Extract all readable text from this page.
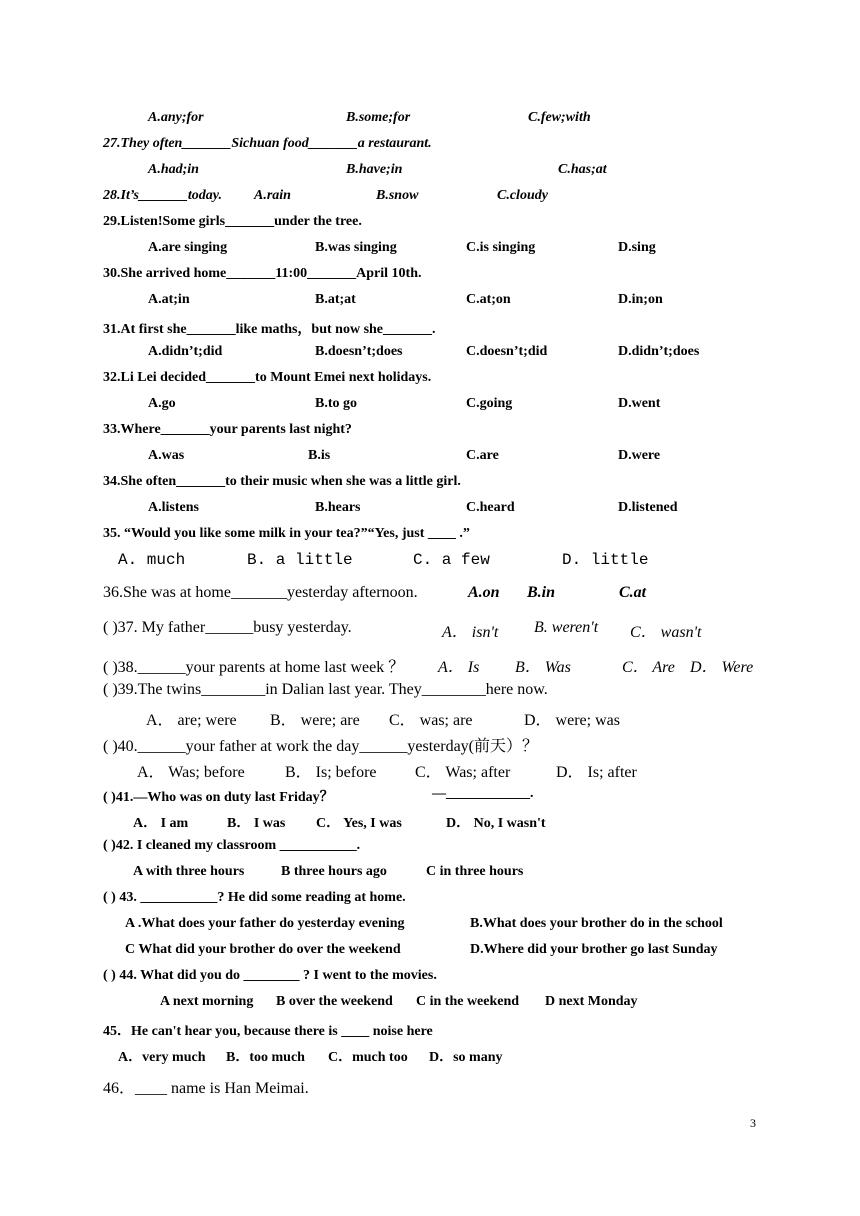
A.any;for	B.some;for	C.few;with
27.They often_______Sichuan food_______a restaurant.
A.had;in	B.have;in	C.has;at
28.It’s_______today. A.rain	B.snow	C.cloudy
29.Listen!Some girls_______under the tree.
A.are singing	B.was singing	C.is singing	D.sing
30.She arrived home_______11:00_______April 10th.
A.at;in	B.at;at	C.at;on	D.in;on
31.At first she_______like maths，but now she_______.
A.didn’t;did	B.doesn’t;does	C.doesn’t;did	D.didn’t;does
32.Li Lei decided_______to Mount Emei next holidays.
A.go	B.to go	C.going	D.went
33.Where_______your parents last night?
A.was	B.is	C.are	D.were
34.She often_______to their music when she was a little girl.
A.listens	B.hears	C.heard	D.listened
35. “Would you like some milk in your tea?”“Yes, just ____ .”
A. much	B. a little	C. a few	D. little
36.She was at home_______yesterday afternoon.	A.on B.in	C.at
( )37. My father______busy yesterday.	A． isn't B. weren't C． wasn't
( )38.______your parents at home last week ？ A． Is B． Was	C． Are D． Were
( )39.The twins________in Dalian last year. They________here now.
A． are; were B． were; are C． was; are	D． were; was
( )40.______your father at work the day______yesterday(前天）？
A． Was; before	B． Is; before C． Was; after	D． Is; after
( )41.—Who was on duty last Friday？	—____________.
A． I am	B． I was C． Yes, I was	D． No, I wasn't
( )42. I cleaned my classroom ___________.
A with three hours	B three hours ago	C in three hours
( ) 43. ___________? He did some reading at home.
A .What does your father do yesterday evening	B.What does your brother do in the school
C What did your brother do over the weekend	D.Where did your brother go last Sunday
( ) 44. What did you do ________ ? I went to the movies.
A next morning B over the weekend C in the weekend D next Monday
45．He can't hear you, because there is ____ noise here
A．very much B．too much C．much too D．so many
46．____ name is Han Meimai.
3
